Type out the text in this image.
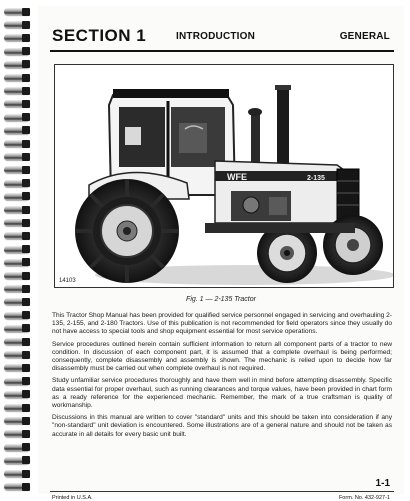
SECTION 1	INTRODUCTION	GENERAL
WFE	2-135
14103
Fig. 1 — 2-135 Tractor

This Tractor Shop Manual has been provided for qualified service personnel engaged in servicing and overhauling 2-135, 2-155, and 2-180 Tractors. Use of this publication is not recommended for field operators since they usually do not have access to special tools and shop equipment essential for most service operations.

Service procedures outlined herein contain sufficient information to return all component parts of a tractor to new condition. In discussion of each component part, it is assumed that a complete overhaul is being performed; consequently, complete disassembly and assembly is shown. The mechanic is relied upon to decide how far disassembly must be carried out when complete overhaul is not required.

Study unfamiliar service procedures thoroughly and have them well in mind before attempting disassembly. Specific data essential for proper overhaul, such as running clearances and torque values, have been provided in chart form as a ready reference for the experienced mechanic. Remember, the mark of a true craftsman is quality of workmanship.

Discussions in this manual are written to cover "standard" units and this should be taken into consideration if any "non-standard" unit deviation is encountered. Some illustrations are of a general nature and should not be taken as accurate in all details for every basic unit built.

1-1
Printed in U.S.A.	Form. No. 432-927-1
